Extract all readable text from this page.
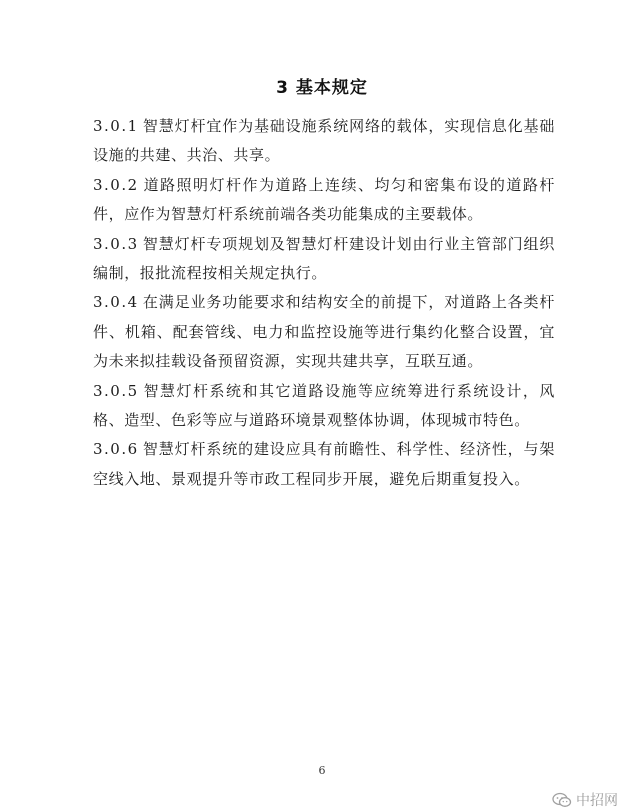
3 基本规定

3.0.1 智慧灯杆宜作为基础设施系统网络的载体，实现信息化基础设施的共建、共治、共享。

3.0.2 道路照明灯杆作为道路上连续、均匀和密集布设的道路杆件，应作为智慧灯杆系统前端各类功能集成的主要载体。

3.0.3 智慧灯杆专项规划及智慧灯杆建设计划由行业主管部门组织编制，报批流程按相关规定执行。

3.0.4 在满足业务功能要求和结构安全的前提下，对道路上各类杆件、机箱、配套管线、电力和监控设施等进行集约化整合设置，宜为未来拟挂载设备预留资源，实现共建共享，互联互通。

3.0.5 智慧灯杆系统和其它道路设施等应统筹进行系统设计，风格、造型、色彩等应与道路环境景观整体协调，体现城市特色。

3.0.6 智慧灯杆系统的建设应具有前瞻性、科学性、经济性，与架空线入地、景观提升等市政工程同步开展，避免后期重复投入。

6
中招网
